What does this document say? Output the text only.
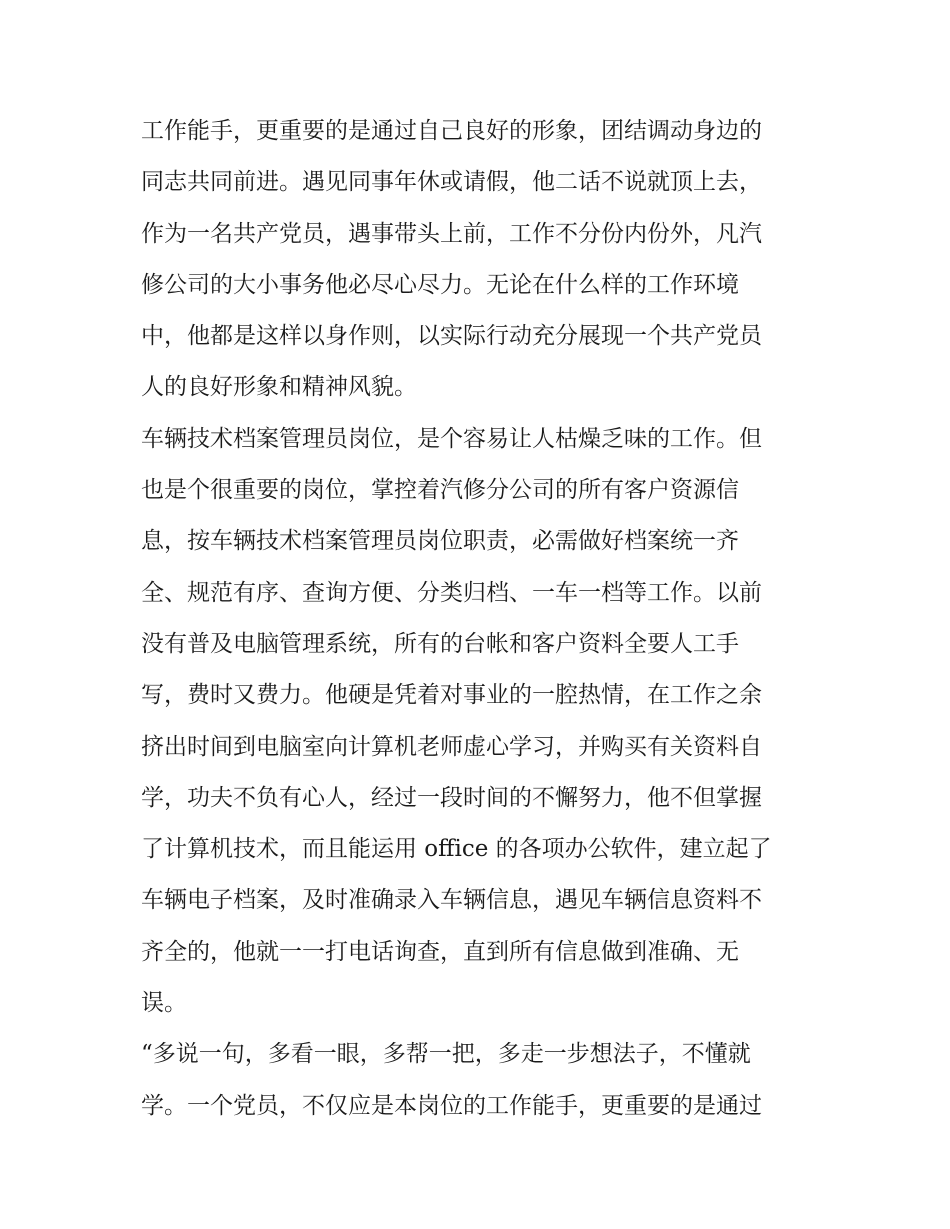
工作能手，更重要的是通过自己良好的形象，团结调动身边的
同志共同前进。遇见同事年休或请假，他二话不说就顶上去，
作为一名共产党员，遇事带头上前，工作不分份内份外，凡汽
修公司的大小事务他必尽心尽力。无论在什么样的工作环境
中，他都是这样以身作则，以实际行动充分展现一个共产党员
人的良好形象和精神风貌。
车辆技术档案管理员岗位，是个容易让人枯燥乏味的工作。但
也是个很重要的岗位，掌控着汽修分公司的所有客户资源信
息，按车辆技术档案管理员岗位职责，必需做好档案统一齐
全、规范有序、查询方便、分类归档、一车一档等工作。以前
没有普及电脑管理系统，所有的台帐和客户资料全要人工手
写，费时又费力。他硬是凭着对事业的一腔热情，在工作之余
挤出时间到电脑室向计算机老师虚心学习，并购买有关资料自
学，功夫不负有心人，经过一段时间的不懈努力，他不但掌握
了计算机技术，而且能运用 office 的各项办公软件，建立起了
车辆电子档案，及时准确录入车辆信息，遇见车辆信息资料不
齐全的，他就一一打电话询查，直到所有信息做到准确、无
误。
“多说一句，多看一眼，多帮一把，多走一步想法子，不懂就
学。一个党员，不仅应是本岗位的工作能手，更重要的是通过
